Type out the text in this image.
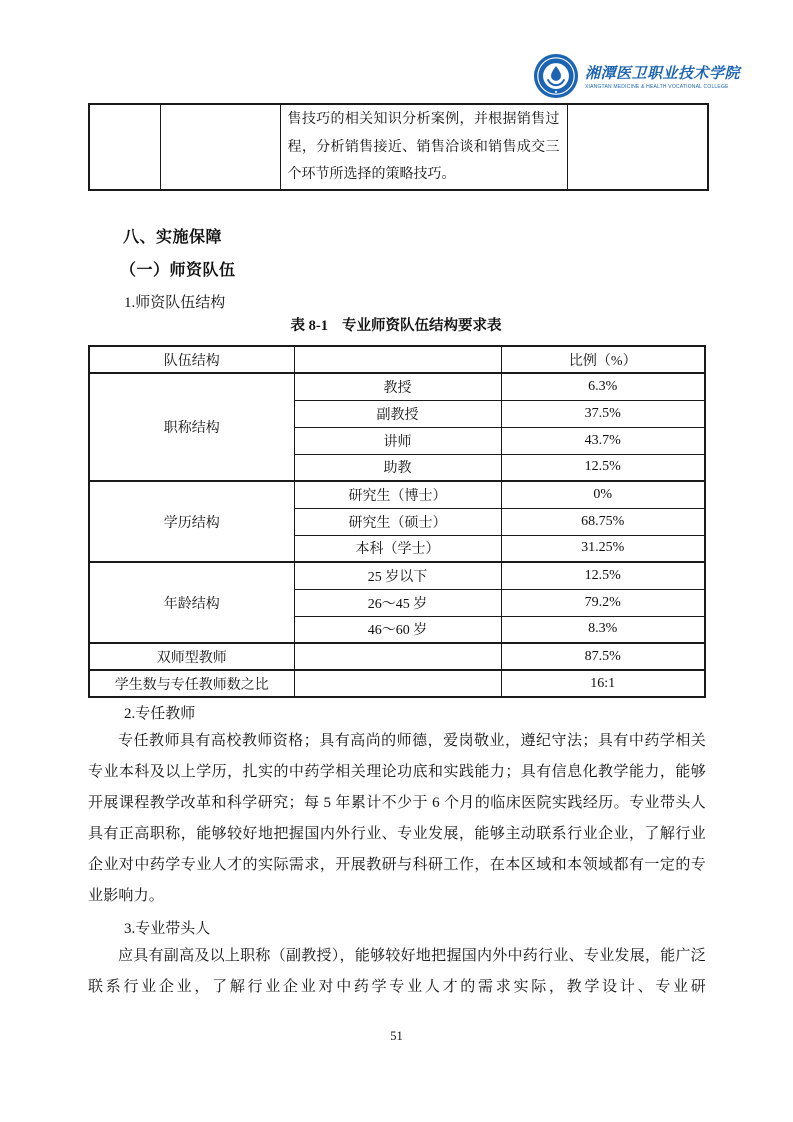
湘潭医卫职业技术学院
XIANGTAN MEDICINE & HEALTH VOCATIONAL COLLEGE
		售技巧的相关知识分析案例，并根据销售过程，分析销售接近、销售洽谈和销售成交三个环节所选择的策略技巧。	
八、实施保障
（一）师资队伍
1.师资队伍结构
表 8-1 专业师资队伍结构要求表
队伍结构		比例（%）
职称结构	教授	6.3%
	副教授	37.5%
	讲师	43.7%
	助教	12.5%
学历结构	研究生（博士）	0%
	研究生（硕士）	68.75%
	本科（学士）	31.25%
年龄结构	25 岁以下	12.5%
	26～45 岁	79.2%
	46～60 岁	8.3%
双师型教师		87.5%
学生数与专任教师数之比		16:1
2.专任教师

专任教师具有高校教师资格；具有高尚的师德，爱岗敬业，遵纪守法；具有中药学相关专业本科及以上学历，扎实的中药学相关理论功底和实践能力；具有信息化教学能力，能够开展课程教学改革和科学研究；每 5 年累计不少于 6 个月的临床医院实践经历。专业带头人具有正高职称，能够较好地把握国内外行业、专业发展，能够主动联系行业企业，了解行业企业对中药学专业人才的实际需求，开展教研与科研工作，在本区域和本领域都有一定的专业影响力。

3.专业带头人

应具有副高及以上职称（副教授），能够较好地把握国内外中药行业、专业发展，能广泛联系行业企业，了解行业企业对中药学专业人才的需求实际，教学设计、专业研

51
